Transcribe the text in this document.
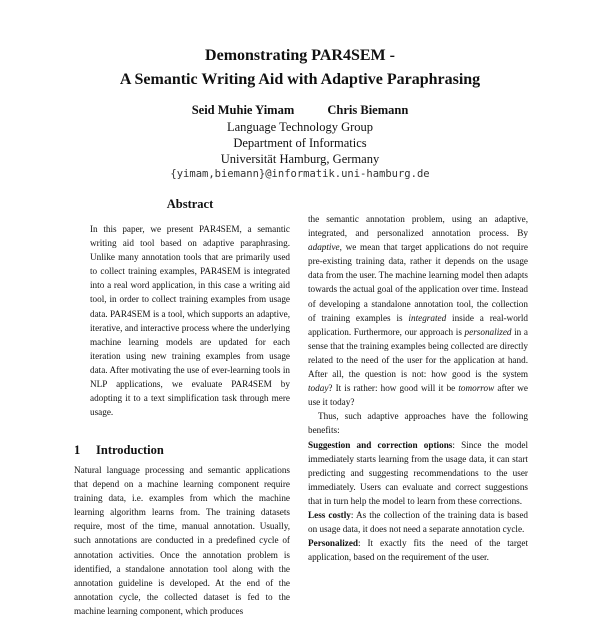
Demonstrating PAR4SEM -
A Semantic Writing Aid with Adaptive Paraphrasing
Seid Muhie Yimam	Chris Biemann
Language Technology Group
Department of Informatics
Universität Hamburg, Germany
{yimam,biemann}@informatik.uni-hamburg.de
Abstract

In this paper, we present PAR4SEM, a semantic writing aid tool based on adaptive paraphrasing. Unlike many annotation tools that are primarily used to collect training examples, PAR4SEM is integrated into a real word application, in this case a writing aid tool, in order to collect training examples from usage data. PAR4SEM is a tool, which supports an adaptive, iterative, and interactive process where the underlying machine learning models are updated for each iteration using new training examples from usage data. After motivating the use of ever-learning tools in NLP applications, we evaluate PAR4SEM by adopting it to a text simplification task through mere usage.

1 Introduction

Natural language processing and semantic applications that depend on a machine learning component require training data, i.e. examples from which the machine learning algorithm learns from. The training datasets require, most of the time, manual annotation. Usually, such annotations are conducted in a predefined cycle of annotation activities. Once the annotation problem is identified, a standalone annotation tool along with the annotation guideline is developed. At the end of the annotation cycle, the collected dataset is fed to the machine learning component, which produces

the semantic annotation problem, using an adaptive, integrated, and personalized annotation process. By adaptive, we mean that target applications do not require pre-existing training data, rather it depends on the usage data from the user. The machine learning model then adapts towards the actual goal of the application over time. Instead of developing a standalone annotation tool, the collection of training examples is integrated inside a real-world application. Furthermore, our approach is personalized in a sense that the training examples being collected are directly related to the need of the user for the application at hand. After all, the question is not: how good is the system today? It is rather: how good will it be tomorrow after we use it today?

Thus, such adaptive approaches have the following benefits:

Suggestion and correction options: Since the model immediately starts learning from the usage data, it can start predicting and suggesting recommendations to the user immediately. Users can evaluate and correct suggestions that in turn help the model to learn from these corrections.

Less costly: As the collection of the training data is based on usage data, it does not need a separate annotation cycle.

Personalized: It exactly fits the need of the target application, based on the requirement of the user.
